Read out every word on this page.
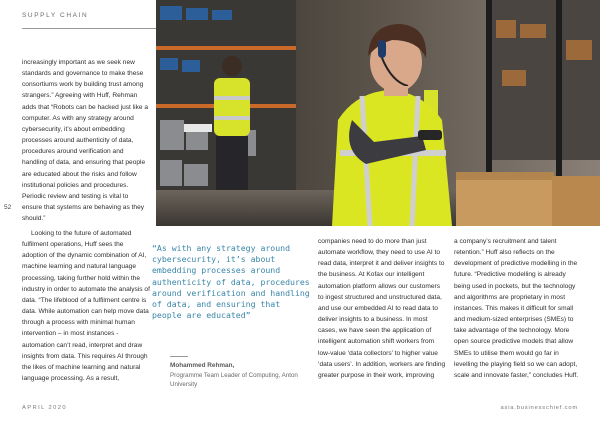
SUPPLY CHAIN
52

increasingly important as we seek new standards and governance to make these consortiums work by building trust among strangers.” Agreeing with Huff, Rehman adds that “Robots can be hacked just like a computer. As with any strategy around cybersecurity, it’s about embedding processes around authenticity of data, procedures around verification and handling of data, and ensuring that people are educated about the risks and follow institutional policies and procedures. Periodic review and testing is vital to ensure that systems are behaving as they should.”

Looking to the future of automated fulfilment operations, Huff sees the adoption of the dynamic combination of AI, machine learning and natural language processing, taking further hold within the industry in order to automate the analysis of data. “The lifeblood of a fulfilment centre is data. While automation can help move data through a process with minimal human intervention – in most instances - automation can’t read, interpret and draw insights from data. This requires AI through the likes of machine learning and natural language processing. As a result,

“As with any strategy around cybersecurity, it’s about embedding processes around authenticity of data, procedures around verification and handling of data, and ensuring that people are educated”
Mohammed Rehman,
Programme Team Leader of Computing, Anton University

companies need to do more than just automate workflow, they need to use AI to read data, interpret it and deliver insights to the business. At Kofax our intelligent automation platform allows our customers to ingest structured and unstructured data, and use our embedded AI to read data to deliver insights to a business. In most cases, we have seen the application of intelligent automation shift workers from low-value ‘data collectors’ to higher value ‘data users’. In addition, workers are finding greater purpose in their work, improving

a company’s recruitment and talent retention.” Huff also reflects on the development of predictive modelling in the future. “Predictive modelling is already being used in pockets, but the technology and algorithms are proprietary in most instances. This makes it difficult for small and medium-sized enterprises (SMEs) to take advantage of the technology. More open source predictive models that allow SMEs to utilise them would go far in levelling the playing field so we can adopt, scale and innovate faster,” concludes Huff.

APRIL 2020	asia.businesschief.com
